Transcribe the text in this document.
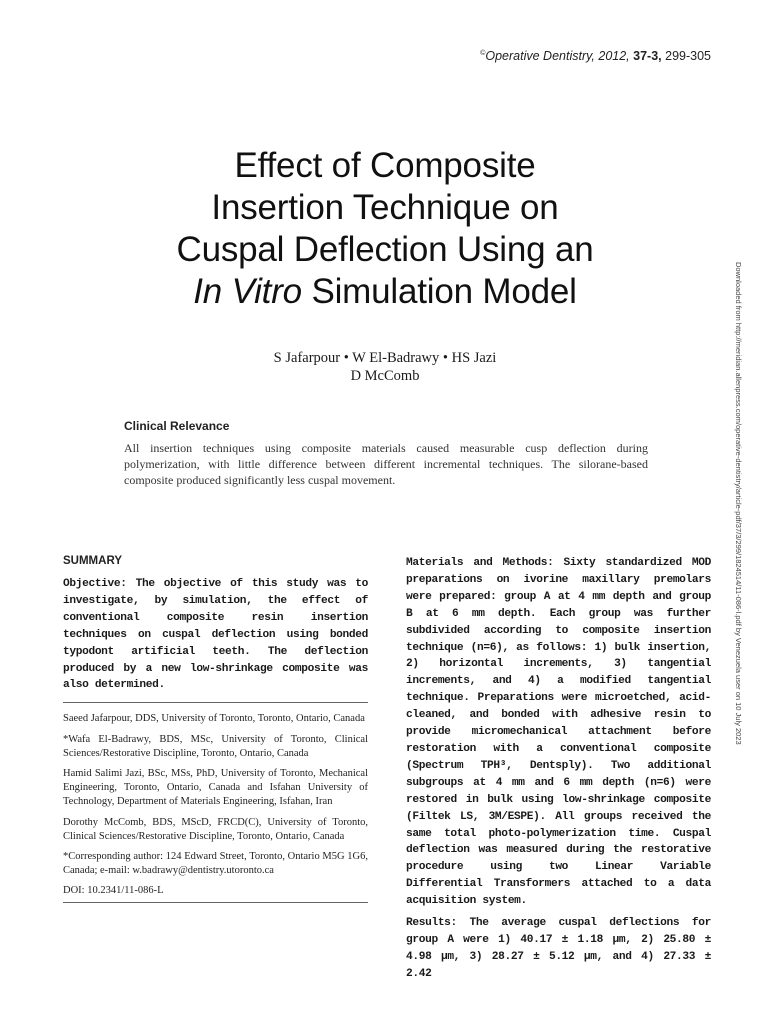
©Operative Dentistry, 2012, 37-3, 299-305
Effect of Composite
Insertion Technique on
Cuspal Deflection Using an
In Vitro Simulation Model
S Jafarpour • W El-Badrawy • HS Jazi
D McComb
Clinical Relevance
All insertion techniques using composite materials caused measurable cusp deflection during polymerization, with little difference between different incremental techniques. The silorane-based composite produced significantly less cuspal movement.	Downloaded from http://meridian.allenpress.com/operative-dentistry/article-pdf/37/3/299/1824514/11-086-l.pdf by Venezuela user on 10 July 2023
SUMMARY

Objective: The objective of this study was to investigate, by simulation, the effect of conventional composite resin insertion techniques on cuspal deflection using bonded typodont artificial teeth. The deflection produced by a new low-shrinkage composite was also determined.

Saeed Jafarpour, DDS, University of Toronto, Toronto, Ontario, Canada

*Wafa El-Badrawy, BDS, MSc, University of Toronto, Clinical Sciences/Restorative Discipline, Toronto, Ontario, Canada

Hamid Salimi Jazi, BSc, MSs, PhD, University of Toronto, Mechanical Engineering, Toronto, Ontario, Canada and Isfahan University of Technology, Department of Materials Engineering, Isfahan, Iran

Dorothy McComb, BDS, MScD, FRCD(C), University of Toronto, Clinical Sciences/Restorative Discipline, Toronto, Ontario, Canada

*Corresponding author: 124 Edward Street, Toronto, Ontario M5G 1G6, Canada; e-mail: w.badrawy@dentistry.utoronto.ca

DOI: 10.2341/11-086-L

Materials and Methods: Sixty standardized MOD preparations on ivorine maxillary premolars were prepared: group A at 4 mm depth and group B at 6 mm depth. Each group was further subdivided according to composite insertion technique (n=6), as follows: 1) bulk insertion, 2) horizontal increments, 3) tangential increments, and 4) a modified tangential technique. Preparations were microetched, acid-cleaned, and bonded with adhesive resin to provide micromechanical attachment before restoration with a conventional composite (Spectrum TPH³, Dentsply). Two additional subgroups at 4 mm and 6 mm depth (n=6) were restored in bulk using low-shrinkage composite (Filtek LS, 3M/ESPE). All groups received the same total photo-polymerization time. Cuspal deflection was measured during the restorative procedure using two Linear Variable Differential Transformers attached to a data acquisition system.

Results: The average cuspal deflections for group A were 1) 40.17 ± 1.18 μm, 2) 25.80 ± 4.98 μm, 3) 28.27 ± 5.12 μm, and 4) 27.33 ± 2.42
